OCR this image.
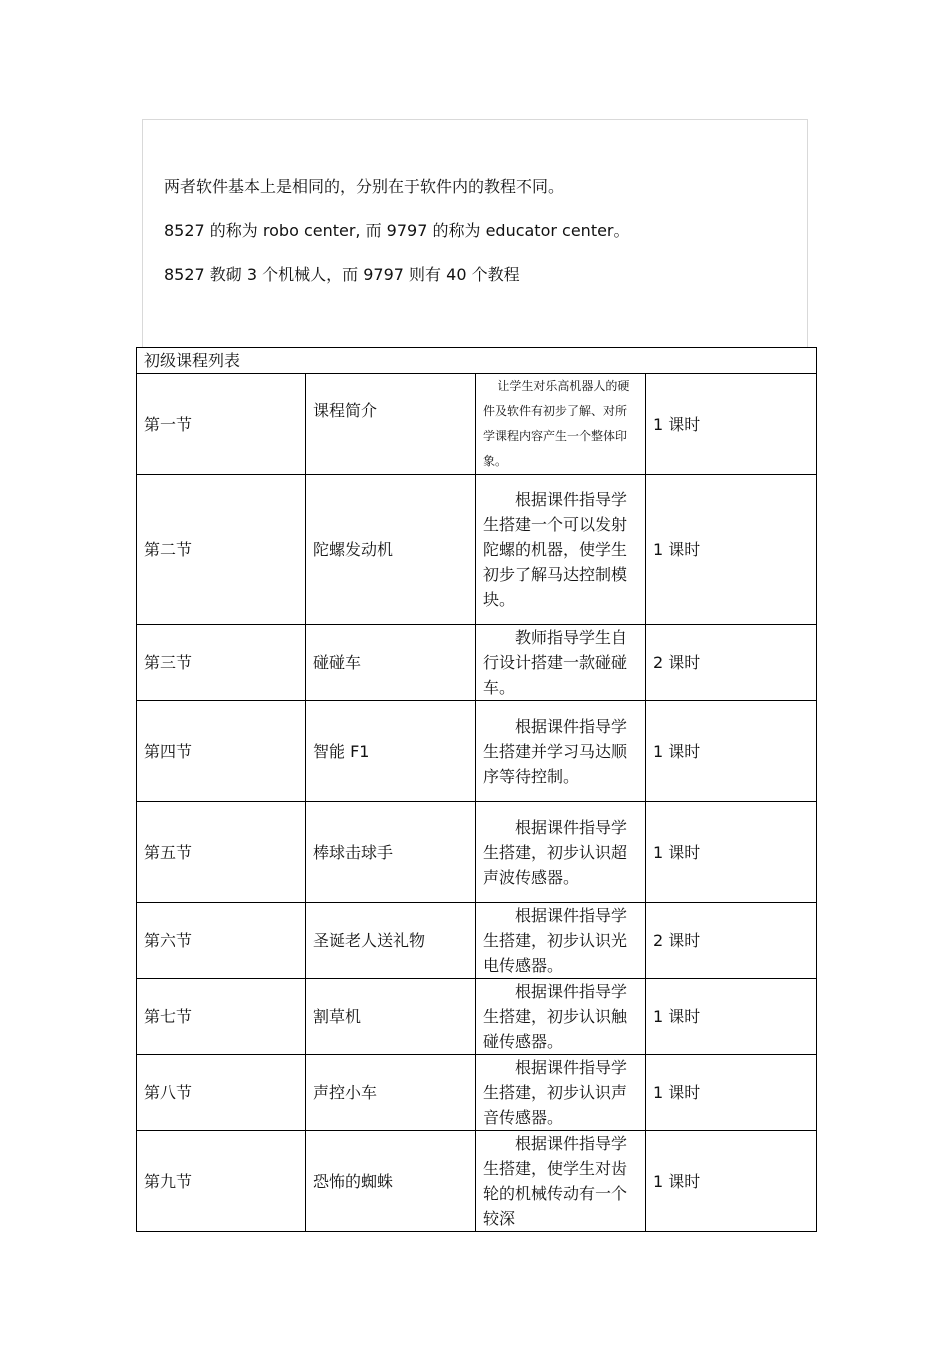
两者软件基本上是相同的，分别在于软件内的教程不同。
8527 的称为 robo center, 而 9797 的称为 educator center。
8527 教砌 3 个机械人，而 9797 则有 40 个教程
初级课程列表			
第一节	课程简介	让学生对乐高机器人的硬件及软件有初步了解、对所学课程内容产生一个整体印象。	1 课时
第二节	陀螺发动机	根据课件指导学生搭建一个可以发射陀螺的机器，使学生初步了解马达控制模块。	1 课时
第三节	碰碰车	教师指导学生自行设计搭建一款碰碰车。	2 课时
第四节	智能 F1	根据课件指导学生搭建并学习马达顺序等待控制。	1 课时
第五节	棒球击球手	根据课件指导学生搭建，初步认识超声波传感器。	1 课时
第六节	圣诞老人送礼物	根据课件指导学生搭建，初步认识光电传感器。	2 课时
第七节	割草机	根据课件指导学生搭建，初步认识触碰传感器。	1 课时
第八节	声控小车	根据课件指导学生搭建，初步认识声音传感器。	1 课时
第九节	恐怖的蜘蛛	根据课件指导学生搭建，使学生对齿轮的机械传动有一个较深	1 课时
